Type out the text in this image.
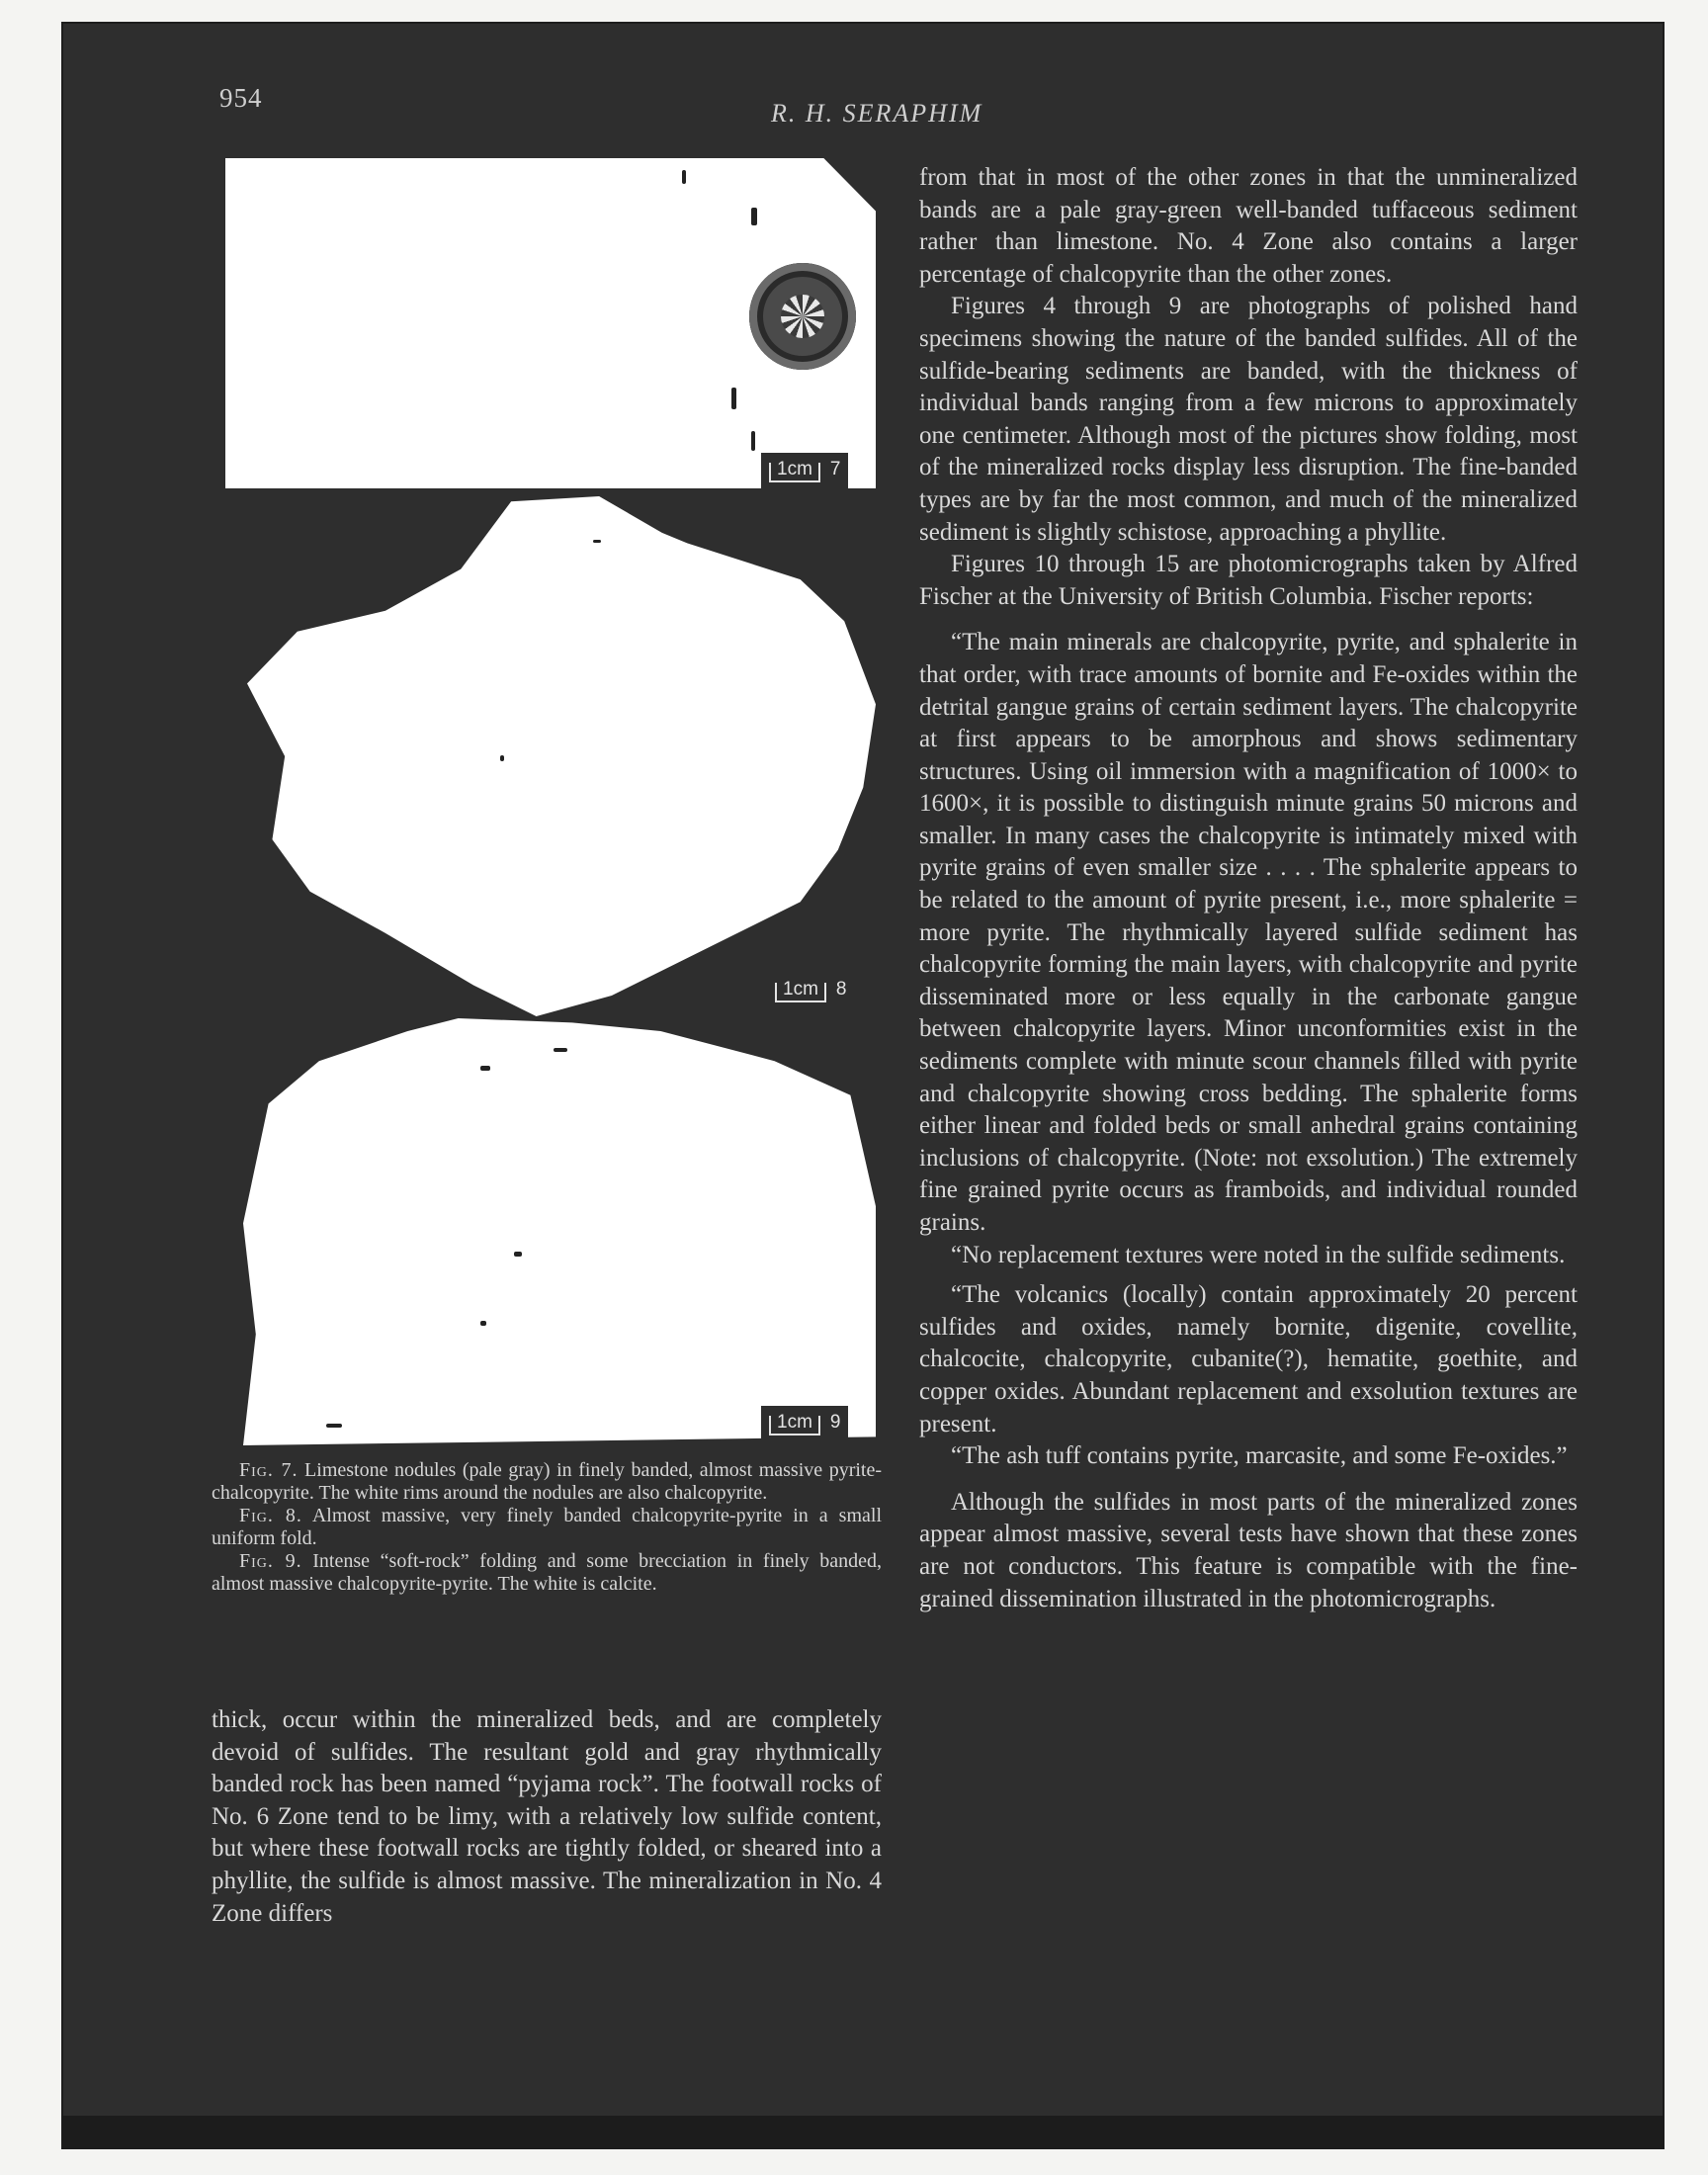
954
R. H. SERAPHIM
1cm 7
1cm 8
1cm 9

Fig. 7. Limestone nodules (pale gray) in finely banded, almost massive pyrite-chalcopyrite. The white rims around the nodules are also chalcopyrite.

Fig. 8. Almost massive, very finely banded chalcopyrite-pyrite in a small uniform fold.

Fig. 9. Intense “soft-rock” folding and some brecciation in finely banded, almost massive chalcopyrite-pyrite. The white is calcite.

thick, occur within the mineralized beds, and are completely devoid of sulfides. The resultant gold and gray rhythmically banded rock has been named “pyjama rock”. The footwall rocks of No. 6 Zone tend to be limy, with a relatively low sulfide content, but where these footwall rocks are tightly folded, or sheared into a phyllite, the sulfide is almost massive. The mineralization in No. 4 Zone differs

from that in most of the other zones in that the unmineralized bands are a pale gray-green well-banded tuffaceous sediment rather than limestone. No. 4 Zone also contains a larger percentage of chalcopyrite than the other zones.

Figures 4 through 9 are photographs of polished hand specimens showing the nature of the banded sulfides. All of the sulfide-bearing sediments are banded, with the thickness of individual bands ranging from a few microns to approximately one centimeter. Although most of the pictures show folding, most of the mineralized rocks display less disruption. The fine-banded types are by far the most common, and much of the mineralized sediment is slightly schistose, approaching a phyllite.

Figures 10 through 15 are photomicrographs taken by Alfred Fischer at the University of British Columbia. Fischer reports:

“The main minerals are chalcopyrite, pyrite, and sphalerite in that order, with trace amounts of bornite and Fe-oxides within the detrital gangue grains of certain sediment layers. The chalcopyrite at first appears to be amorphous and shows sedimentary structures. Using oil immersion with a magnification of 1000× to 1600×, it is possible to distinguish minute grains 50 microns and smaller. In many cases the chalcopyrite is intimately mixed with pyrite grains of even smaller size . . . . The sphalerite appears to be related to the amount of pyrite present, i.e., more sphalerite = more pyrite. The rhythmically layered sulfide sediment has chalcopyrite forming the main layers, with chalcopyrite and pyrite disseminated more or less equally in the carbonate gangue between chalcopyrite layers. Minor unconformities exist in the sediments complete with minute scour channels filled with pyrite and chalcopyrite showing cross bedding. The sphalerite forms either linear and folded beds or small anhedral grains containing inclusions of chalcopyrite. (Note: not exsolution.) The extremely fine grained pyrite occurs as framboids, and individual rounded grains.

“No replacement textures were noted in the sulfide sediments.

“The volcanics (locally) contain approximately 20 percent sulfides and oxides, namely bornite, digenite, covellite, chalcocite, chalcopyrite, cubanite(?), hematite, goethite, and copper oxides. Abundant replacement and exsolution textures are present.

“The ash tuff contains pyrite, marcasite, and some Fe-oxides.”

Although the sulfides in most parts of the mineralized zones appear almost massive, several tests have shown that these zones are not conductors. This feature is compatible with the fine-grained dissemination illustrated in the photomicrographs.
